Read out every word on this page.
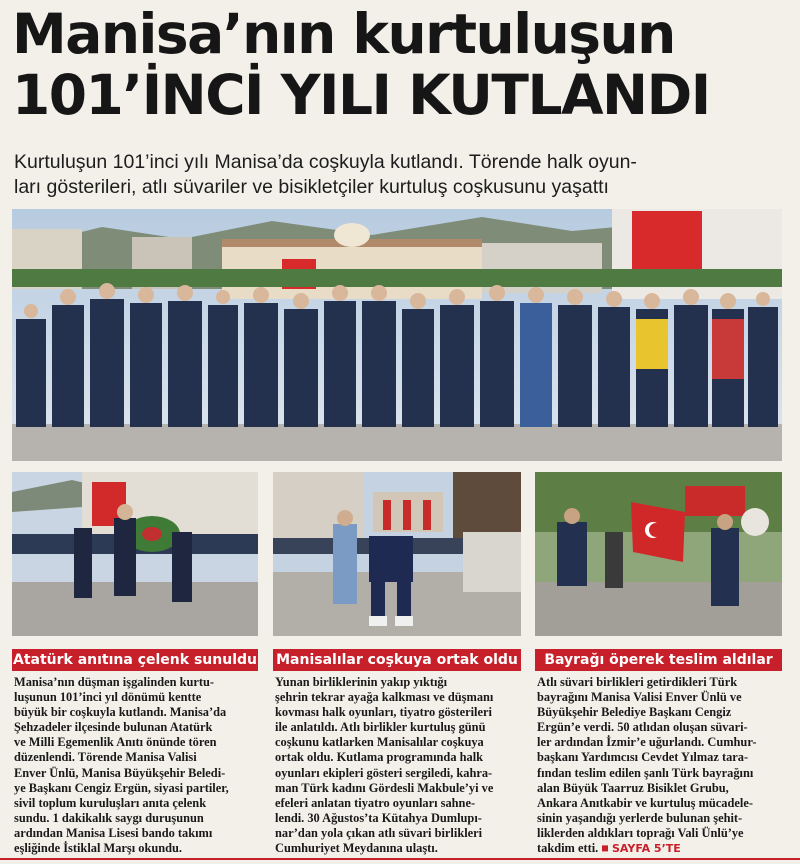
Manisa’nın kurtuluşun
101’İNCİ YILI KUTLANDI
Kurtuluşun 101’inci yılı Manisa’da coşkuyla kutlandı. Törende halk oyun-
ları gösterileri, atlı süvariler ve bisikletçiler kurtuluş coşkusunu yaşattı
Atatürk anıtına çelenk sunuldu Manisalılar coşkuya ortak oldu	Bayrağı öperek teslim aldılar
Manisa’nın düşman işgalinden kurtu-
luşunun 101’inci yıl dönümü kentte
büyük bir coşkuyla kutlandı. Manisa’da
Şehzadeler ilçesinde bulunan Atatürk
ve Milli Egemenlik Anıtı önünde tören
düzenlendi. Törende Manisa Valisi
Enver Ünlü, Manisa Büyükşehir Beledi-
ye Başkanı Cengiz Ergün, siyasi partiler,
sivil toplum kuruluşları anıta çelenk
sundu. 1 dakikalık saygı duruşunun
ardından Manisa Lisesi bando takımı
eşliğinde İstiklal Marşı okundu.
Yunan birliklerinin yakıp yıktığı
şehrin tekrar ayağa kalkması ve düşmanı
kovması halk oyunları, tiyatro gösterileri
ile anlatıldı. Atlı birlikler kurtuluş günü
coşkunu katlarken Manisalılar coşkuya
ortak oldu. Kutlama programında halk
oyunları ekipleri gösteri sergiledi, kahra-
man Türk kadını Gördesli Makbule’yi ve
efeleri anlatan tiyatro oyunları sahne-
lendi. 30 Ağustos’ta Kütahya Dumlupı-
nar’dan yola çıkan atlı süvari birlikleri
Cumhuriyet Meydanına ulaştı.
Atlı süvari birlikleri getirdikleri Türk
bayrağını Manisa Valisi Enver Ünlü ve
Büyükşehir Belediye Başkanı Cengiz
Ergün’e verdi. 50 atlıdan oluşan süvari-
ler ardından İzmir’e uğurlandı. Cumhur-
başkanı Yardımcısı Cevdet Yılmaz tara-
fından teslim edilen şanlı Türk bayrağını
alan Büyük Taarruz Bisiklet Grubu,
Ankara Anıtkabir ve kurtuluş mücadele-
sinin yaşandığı yerlerde bulunan şehit-
liklerden aldıkları toprağı Vali Ünlü’ye
takdim etti. ■ SAYFA 5’TE
